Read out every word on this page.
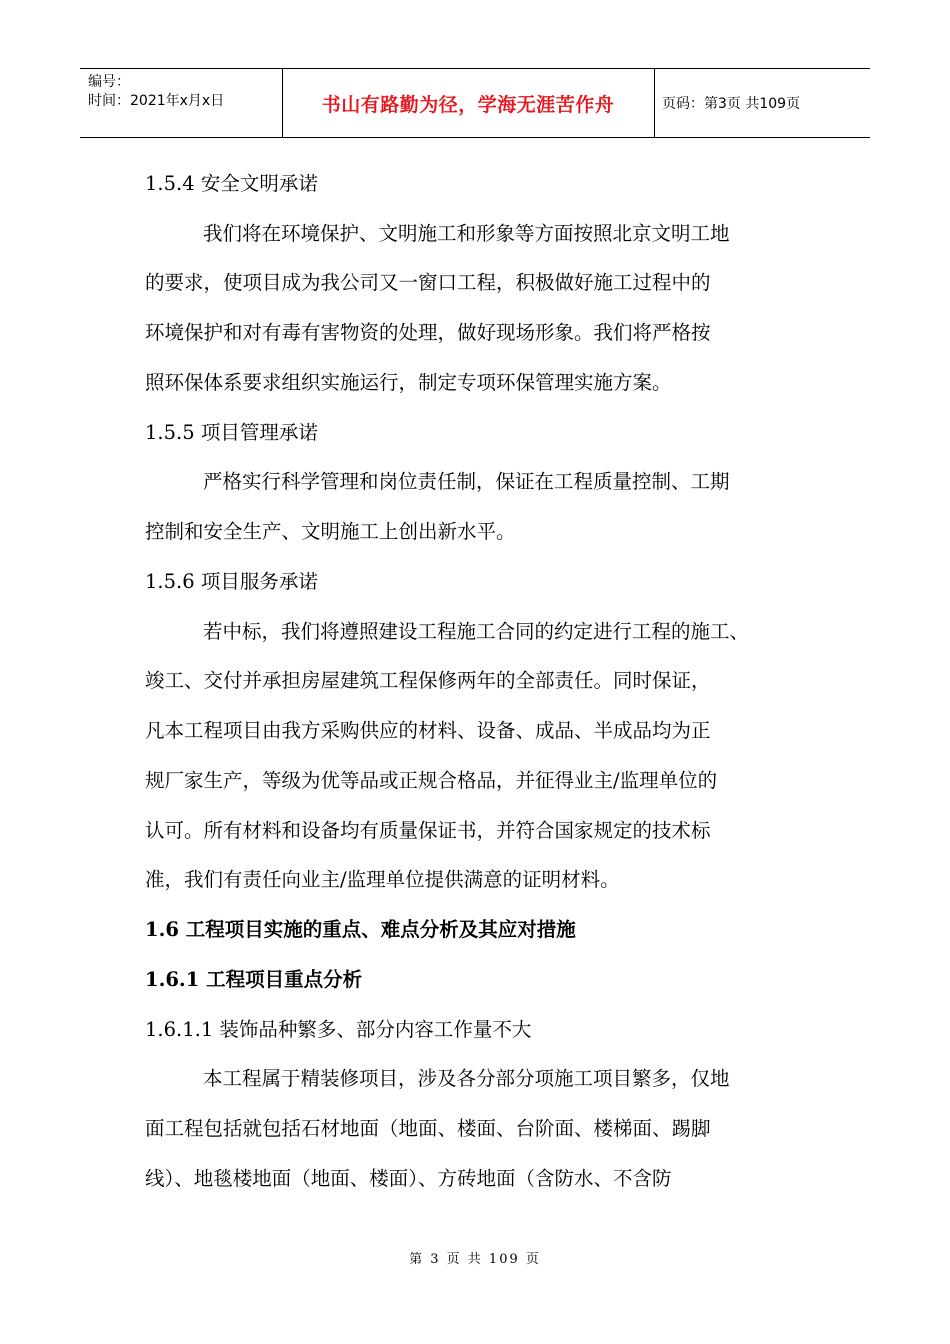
编号：
时间：2021年x月x日	书山有路勤为径，学海无涯苦作舟	页码：第3页 共109页
1.5.4 安全文明承诺
我们将在环境保护、文明施工和形象等方面按照北京文明工地
的要求，使项目成为我公司又一窗口工程，积极做好施工过程中的
环境保护和对有毒有害物资的处理，做好现场形象。我们将严格按
照环保体系要求组织实施运行，制定专项环保管理实施方案。
1.5.5 项目管理承诺
严格实行科学管理和岗位责任制，保证在工程质量控制、工期
控制和安全生产、文明施工上创出新水平。
1.5.6 项目服务承诺
若中标，我们将遵照建设工程施工合同的约定进行工程的施工、
竣工、交付并承担房屋建筑工程保修两年的全部责任。同时保证，
凡本工程项目由我方采购供应的材料、设备、成品、半成品均为正
规厂家生产，等级为优等品或正规合格品，并征得业主/监理单位的
认可。所有材料和设备均有质量保证书，并符合国家规定的技术标
准，我们有责任向业主/监理单位提供满意的证明材料。
1.6 工程项目实施的重点、难点分析及其应对措施
1.6.1 工程项目重点分析
1.6.1.1 装饰品种繁多、部分内容工作量不大
本工程属于精装修项目，涉及各分部分项施工项目繁多，仅地
面工程包括就包括石材地面（地面、楼面、台阶面、楼梯面、踢脚
线）、地毯楼地面（地面、楼面）、方砖地面（含防水、不含防
第 3 页 共 109 页
